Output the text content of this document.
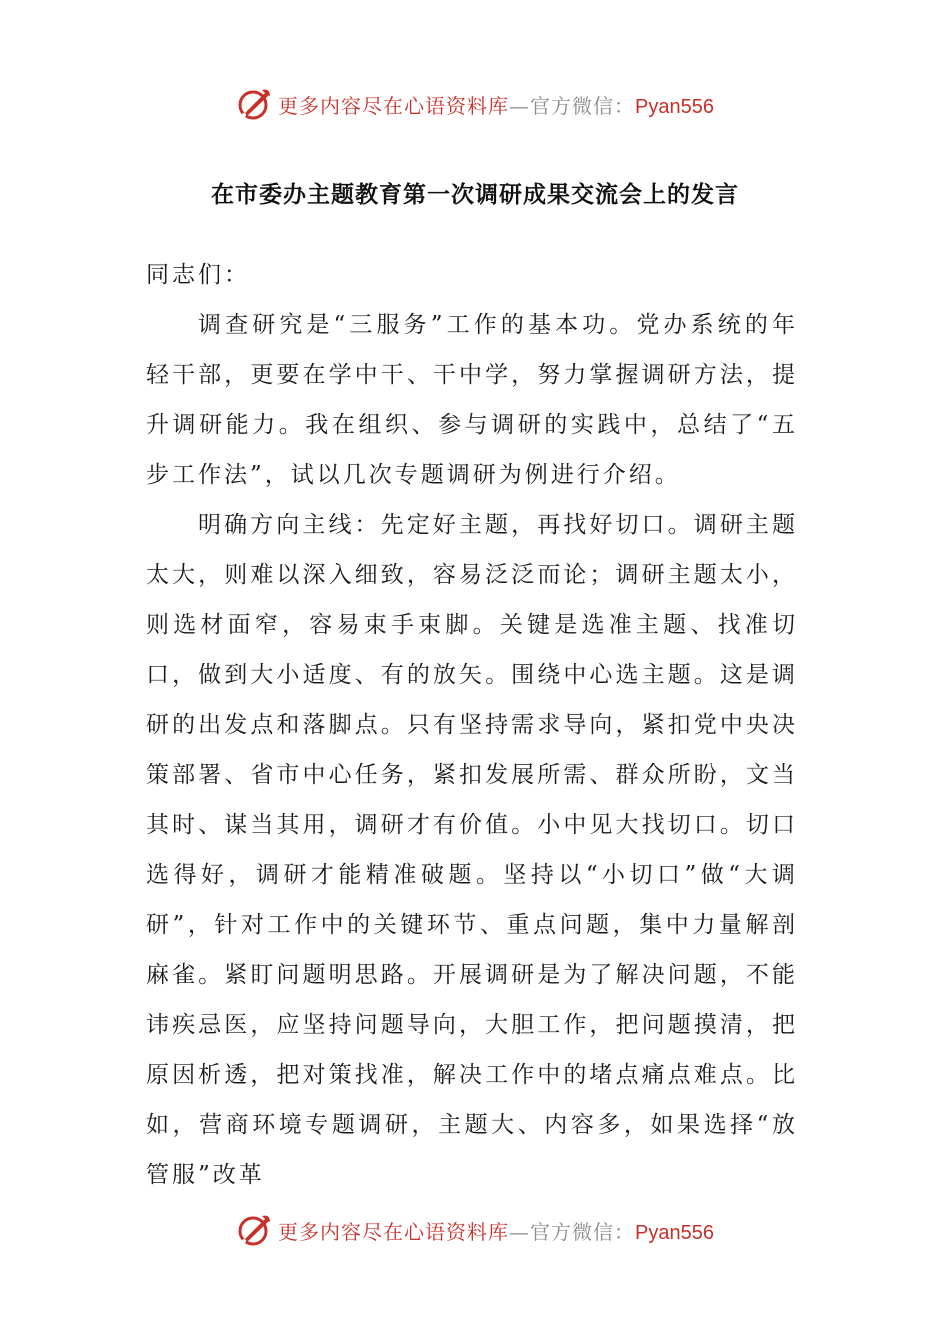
更多内容尽在心语资料库—官方微信：Pyan556
在市委办主题教育第一次调研成果交流会上的发言

同志们：

调查研究是“三服务”工作的基本功。党办系统的年轻干部，更要在学中干、干中学，努力掌握调研方法，提升调研能力。我在组织、参与调研的实践中，总结了“五步工作法”，试以几次专题调研为例进行介绍。

明确方向主线：先定好主题，再找好切口。调研主题太大，则难以深入细致，容易泛泛而论；调研主题太小，则选材面窄，容易束手束脚。关键是选准主题、找准切口，做到大小适度、有的放矢。围绕中心选主题。这是调研的出发点和落脚点。只有坚持需求导向，紧扣党中央决策部署、省市中心任务，紧扣发展所需、群众所盼，文当其时、谋当其用，调研才有价值。小中见大找切口。切口选得好，调研才能精准破题。坚持以“小切口”做“大调研”，针对工作中的关键环节、重点问题，集中力量解剖麻雀。紧盯问题明思路。开展调研是为了解决问题，不能讳疾忌医，应坚持问题导向，大胆工作，把问题摸清，把原因析透，把对策找准，解决工作中的堵点痛点难点。比如，营商环境专题调研，主题大、内容多，如果选择“放管服”改革

更多内容尽在心语资料库—官方微信：Pyan556
